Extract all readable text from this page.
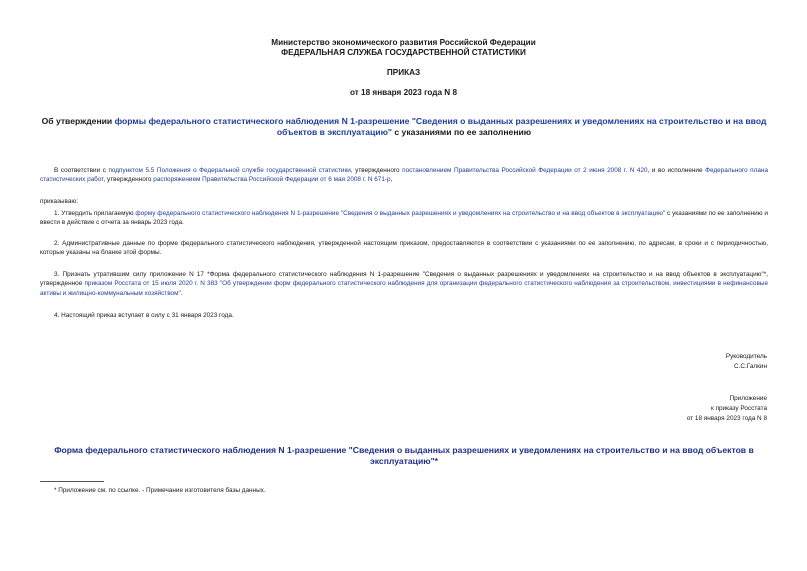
Министерство экономического развития Российской Федерации
ФЕДЕРАЛЬНАЯ СЛУЖБА ГОСУДАРСТВЕННОЙ СТАТИСТИКИ
ПРИКАЗ
от 18 января 2023 года N 8
Об утверждении формы федерального статистического наблюдения N 1-разрешение "Сведения о выданных разрешениях и уведомлениях на строительство и на ввод объектов в эксплуатацию" с указаниями по ее заполнению
В соответствии с подпунктом 5.5 Положения о Федеральной службе государственной статистики, утвержденного постановлением Правительства Российской Федерации от 2 июня 2008 г. N 420, и во исполнение Федерального плана статистических работ, утвержденного распоряжением Правительства Российской Федерации от 6 мая 2008 г. N 671-р,
приказываю:
1. Утвердить прилагаемую форму федерального статистического наблюдения N 1-разрешение "Сведения о выданных разрешениях и уведомлениях на строительство и на ввод объектов в эксплуатацию" с указаниями по ее заполнению и ввести в действие с отчета за январь 2023 года.
2. Административные данные по форме федерального статистического наблюдения, утвержденной настоящим приказом, предоставляются в соответствии с указаниями по ее заполнению, по адресам, в сроки и с периодичностью, которые указаны на бланке этой формы.
3. Признать утратившим силу приложение N 17 *Форма федерального статистического наблюдения N 1-разрешение "Сведения о выданных разрешениях и уведомлениях на строительство и на ввод объектов в эксплуатацию"*, утвержденное приказом Росстата от 15 июля 2020 г. N 383 "Об утверждении форм федерального статистического наблюдения для организации федерального статистического наблюдения за строительством, инвестициями в нефинансовые активы и жилищно-коммунальным хозяйством".
4. Настоящий приказ вступает в силу с 31 января 2023 года.
Руководитель
С.С.Галкин
Приложение
к приказу Росстата
от 18 января 2023 года N 8
Форма федерального статистического наблюдения N 1-разрешение "Сведения о выданных разрешениях и уведомлениях на строительство и на ввод объектов в эксплуатацию"*
* Приложение см. по ссылке. - Примечание изготовителя базы данных.
